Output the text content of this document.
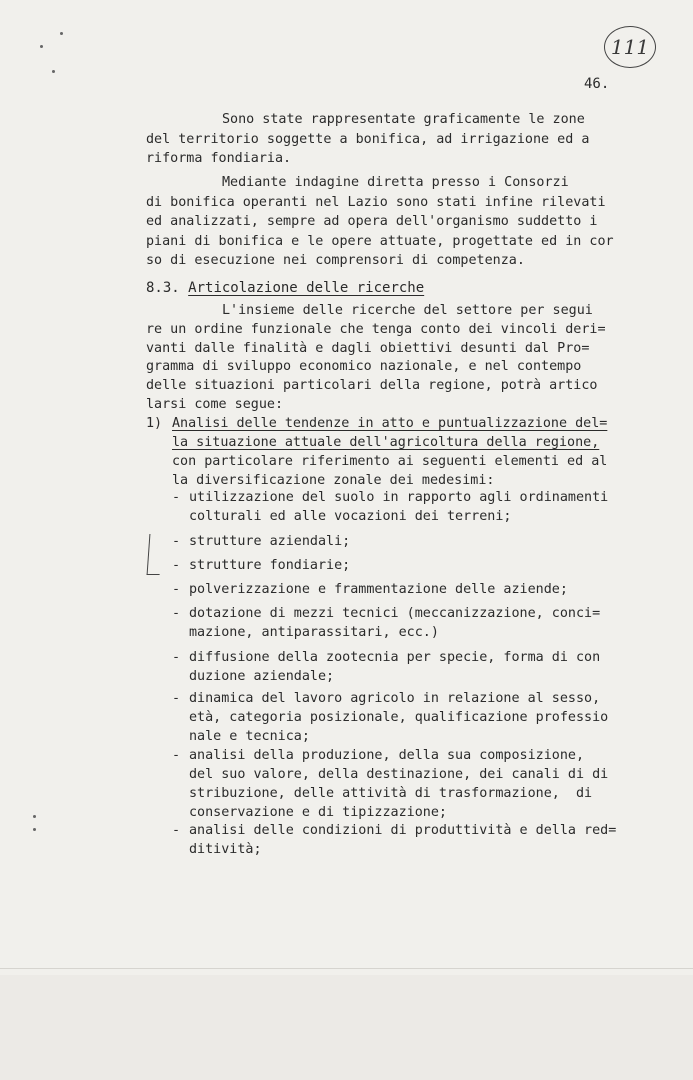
111
46.
Sono state rappresentate graficamente le zone
del territorio soggette a bonifica, ad irrigazione ed a
riforma fondiaria.
Mediante indagine diretta presso i Consorzi
di bonifica operanti nel Lazio sono stati infine rilevati
ed analizzati, sempre ad opera dell'organismo suddetto i
piani di bonifica e le opere attuate, progettate ed in cor
so di esecuzione nei comprensori di competenza.
8.3. Articolazione delle ricerche
L'insieme delle ricerche del settore per segui
re un ordine funzionale che tenga conto dei vincoli deri=
vanti dalle finalità e dagli obiettivi desunti dal Pro=
gramma di sviluppo economico nazionale, e nel contempo
delle situazioni particolari della regione, potrà artico
larsi come segue:

1)

Analisi delle tendenze in atto e puntualizzazione del=
la situazione attuale dell'agricoltura della regione,
con particolare riferimento ai seguenti elementi ed al
la diversificazione zonale dei medesimi:

-

utilizzazione del suolo in rapporto agli ordinamenti
colturali ed alle vocazioni dei terreni;

-

strutture aziendali;

-

strutture fondiarie;

-

polverizzazione e frammentazione delle aziende;

-

dotazione di mezzi tecnici (meccanizzazione, conci=
mazione, antiparassitari, ecc.)

-

diffusione della zootecnia per specie, forma di con
duzione aziendale;

-

dinamica del lavoro agricolo in relazione al sesso,
età, categoria posizionale, qualificazione professio
nale e tecnica;

-

analisi della produzione, della sua composizione,
del suo valore, della destinazione, dei canali di di
stribuzione, delle attività di trasformazione,  di
conservazione e di tipizzazione;

-

analisi delle condizioni di produttività e della red=
ditività;
